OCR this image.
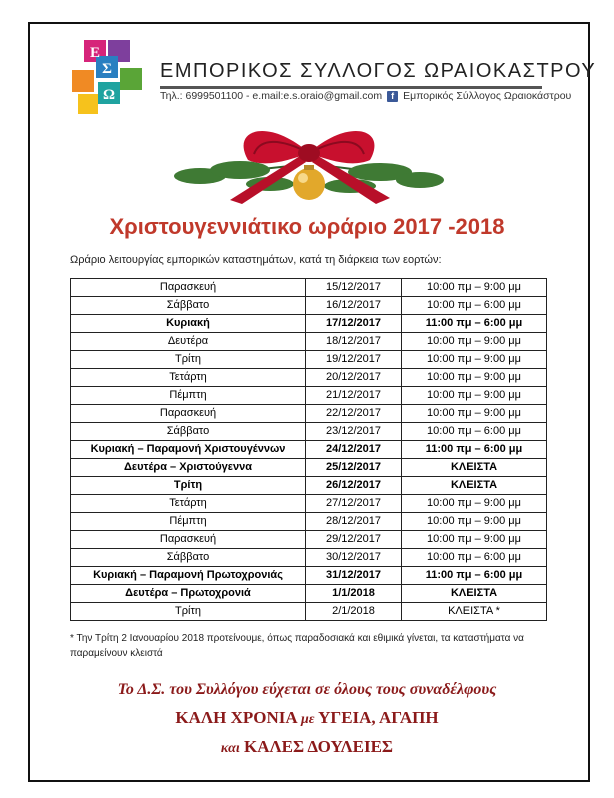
Ε
Σ
Ω
ΕΜΠΟΡΙΚΟΣ ΣΥΛΛΟΓΟΣ ΩΡΑΙΟΚΑΣΤΡΟΥ
Τηλ.: 6999501100 - e.mail:e.s.oraio@gmail.com	f Εμπορικός Σύλλογος Ωραιοκάστρου
Χριστουγεννιάτικο ωράριο 2017 -2018
Ωράριο λειτουργίας εμπορικών καταστημάτων, κατά τη διάρκεια των εορτών:
Παρασκευή	15/12/2017	10:00 πμ – 9:00 μμ
Σάββατο	16/12/2017	10:00 πμ – 6:00 μμ
Κυριακή	17/12/2017	11:00 πμ – 6:00 μμ
Δευτέρα	18/12/2017	10:00 πμ – 9:00 μμ
Τρίτη	19/12/2017	10:00 πμ – 9:00 μμ
Τετάρτη	20/12/2017	10:00 πμ – 9:00 μμ
Πέμπτη	21/12/2017	10:00 πμ – 9:00 μμ
Παρασκευή	22/12/2017	10:00 πμ – 9:00 μμ
Σάββατο	23/12/2017	10:00 πμ – 6:00 μμ
Κυριακή – Παραμονή Χριστουγέννων	24/12/2017	11:00 πμ – 6:00 μμ
Δευτέρα – Χριστούγεννα	25/12/2017	ΚΛΕΙΣΤΑ
Τρίτη	26/12/2017	ΚΛΕΙΣΤΑ
Τετάρτη	27/12/2017	10:00 πμ – 9:00 μμ
Πέμπτη	28/12/2017	10:00 πμ – 9:00 μμ
Παρασκευή	29/12/2017	10:00 πμ – 9:00 μμ
Σάββατο	30/12/2017	10:00 πμ – 6:00 μμ
Κυριακή – Παραμονή Πρωτοχρονιάς	31/12/2017	11:00 πμ – 6:00 μμ
Δευτέρα – Πρωτοχρονιά	1/1/2018	ΚΛΕΙΣΤΑ
Τρίτη	2/1/2018	ΚΛΕΙΣΤΑ *
* Την Τρίτη 2 Ιανουαρίου 2018 προτείνουμε, όπως παραδοσιακά και εθιμικά γίνεται, τα καταστήματα να παραμείνουν κλειστά
Το Δ.Σ. του Συλλόγου εύχεται σε όλους τους συναδέλφους
ΚΑΛΗ ΧΡΟΝΙΑ με ΥΓΕΙΑ, ΑΓΑΠΗ
και ΚΑΛΕΣ ΔΟΥΛΕΙΕΣ
